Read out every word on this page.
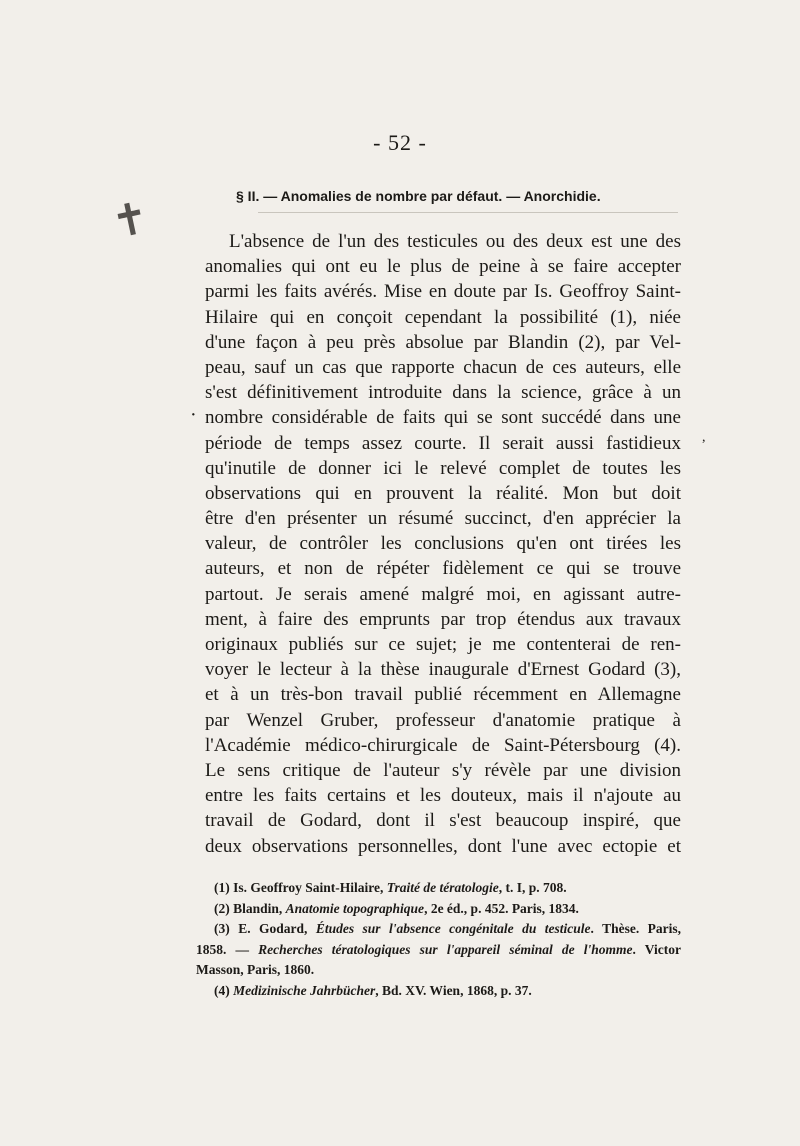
- 52 -
✝	§ II. — Anomalies de nombre par défaut. — Anorchidie.
·
,
L'absence de l'un des testicules ou des deux est une des
anomalies qui ont eu le plus de peine à se faire accepter
parmi les faits avérés. Mise en doute par Is. Geoffroy Saint-
Hilaire qui en conçoit cependant la possibilité (1), niée
d'une façon à peu près absolue par Blandin (2), par Vel-
peau, sauf un cas que rapporte chacun de ces auteurs, elle
s'est définitivement introduite dans la science, grâce à un
nombre considérable de faits qui se sont succédé dans une
période de temps assez courte. Il serait aussi fastidieux
qu'inutile de donner ici le relevé complet de toutes les
observations qui en prouvent la réalité. Mon but doit
être d'en présenter un résumé succinct, d'en apprécier la
valeur, de contrôler les conclusions qu'en ont tirées les
auteurs, et non de répéter fidèlement ce qui se trouve
partout. Je serais amené malgré moi, en agissant autre-
ment, à faire des emprunts par trop étendus aux travaux
originaux publiés sur ce sujet; je me contenterai de ren-
voyer le lecteur à la thèse inaugurale d'Ernest Godard (3),
et à un très-bon travail publié récemment en Allemagne
par Wenzel Gruber, professeur d'anatomie pratique à
l'Académie médico-chirurgicale de Saint-Pétersbourg (4).
Le sens critique de l'auteur s'y révèle par une division
entre les faits certains et les douteux, mais il n'ajoute au
travail de Godard, dont il s'est beaucoup inspiré, que
deux observations personnelles, dont l'une avec ectopie et
(1) Is. Geoffroy Saint-Hilaire, Traité de tératologie, t. I, p. 708.
(2) Blandin, Anatomie topographique, 2e éd., p. 452. Paris, 1834.
(3) E. Godard, Études sur l'absence congénitale du testicule. Thèse. Paris,
1858. — Recherches tératologiques sur l'appareil séminal de l'homme. Victor
Masson, Paris, 1860.
(4) Medizinische Jahrbücher, Bd. XV. Wien, 1868, p. 37.
